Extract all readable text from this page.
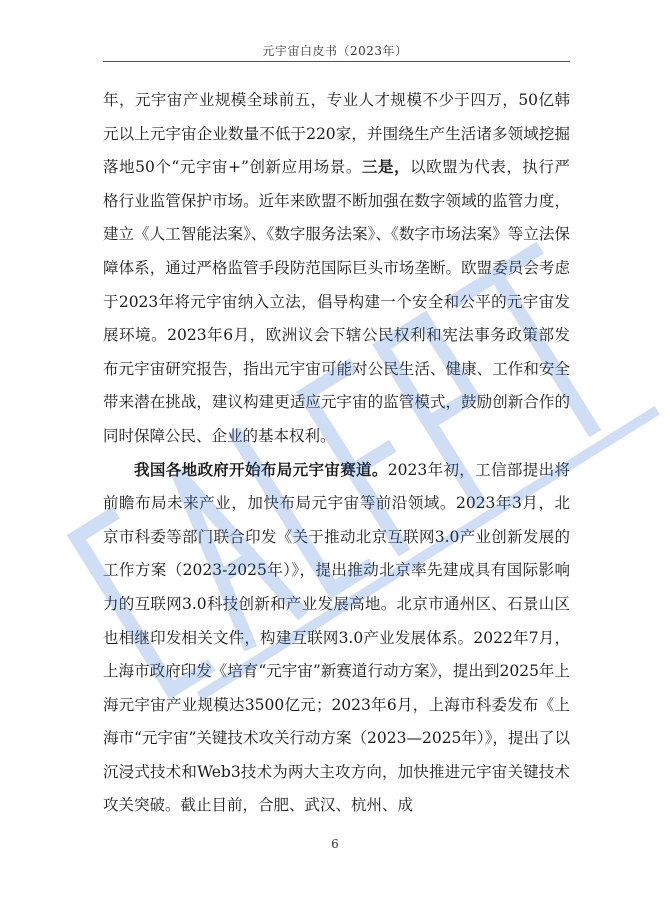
元宇宙白皮书（2023年）

年，元宇宙产业规模全球前五，专业人才规模不少于四万，50亿韩元以上元宇宙企业数量不低于220家，并围绕生产生活诸多领域挖掘落地50个“元宇宙+”创新应用场景。三是，以欧盟为代表，执行严格行业监管保护市场。近年来欧盟不断加强在数字领域的监管力度，建立《人工智能法案》、《数字服务法案》、《数字市场法案》等立法保障体系，通过严格监管手段防范国际巨头市场垄断。欧盟委员会考虑于2023年将元宇宙纳入立法，倡导构建一个安全和公平的元宇宙发展环境。2023年6月，欧洲议会下辖公民权利和宪法事务政策部发布元宇宙研究报告，指出元宇宙可能对公民生活、健康、工作和安全带来潜在挑战，建议构建更适应元宇宙的监管模式，鼓励创新合作的同时保障公民、企业的基本权利。

我国各地政府开始布局元宇宙赛道。2023年初，工信部提出将前瞻布局未来产业，加快布局元宇宙等前沿领域。2023年3月，北京市科委等部门联合印发《关于推动北京互联网3.0产业创新发展的工作方案（2023-2025年）》，提出推动北京率先建成具有国际影响力的互联网3.0科技创新和产业发展高地。北京市通州区、石景山区也相继印发相关文件，构建互联网3.0产业发展体系。2022年7月，上海市政府印发《培育“元宇宙”新赛道行动方案》，提出到2025年上海元宇宙产业规模达3500亿元；2023年6月，上海市科委发布《上海市“元宇宙”关键技术攻关行动方案（2023—2025年）》，提出了以沉浸式技术和Web3技术为两大主攻方向，加快推进元宇宙关键技术攻关突破。截止目前，合肥、武汉、杭州、成

6
